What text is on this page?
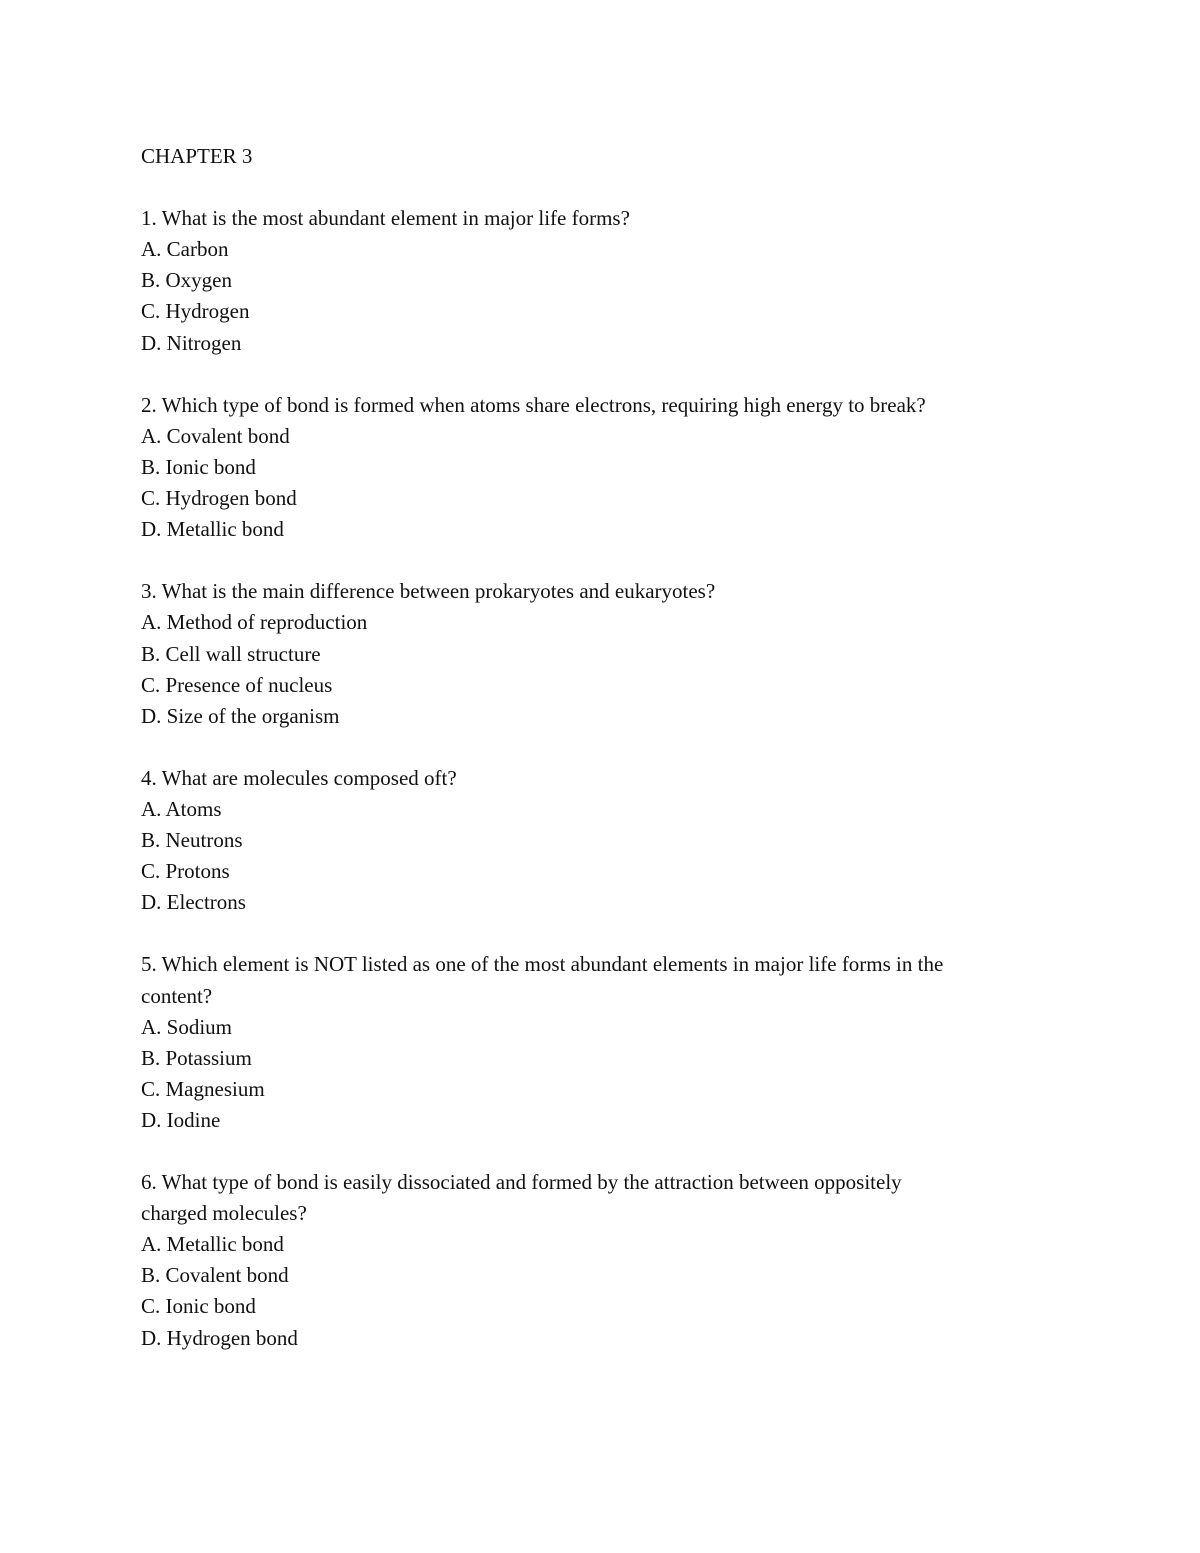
CHAPTER 3
1. What is the most abundant element in major life forms?
A. Carbon
B. Oxygen
C. Hydrogen
D. Nitrogen
2. Which type of bond is formed when atoms share electrons, requiring high energy to break?
A. Covalent bond
B. Ionic bond
C. Hydrogen bond
D. Metallic bond
3. What is the main difference between prokaryotes and eukaryotes?
A. Method of reproduction
B. Cell wall structure
C. Presence of nucleus
D. Size of the organism
4. What are molecules composed oft?
A. Atoms
B. Neutrons
C. Protons
D. Electrons
5. Which element is NOT listed as one of the most abundant elements in major life forms in the
content?
A. Sodium
B. Potassium
C. Magnesium
D. Iodine
6. What type of bond is easily dissociated and formed by the attraction between oppositely
charged molecules?
A. Metallic bond
B. Covalent bond
C. Ionic bond
D. Hydrogen bond
